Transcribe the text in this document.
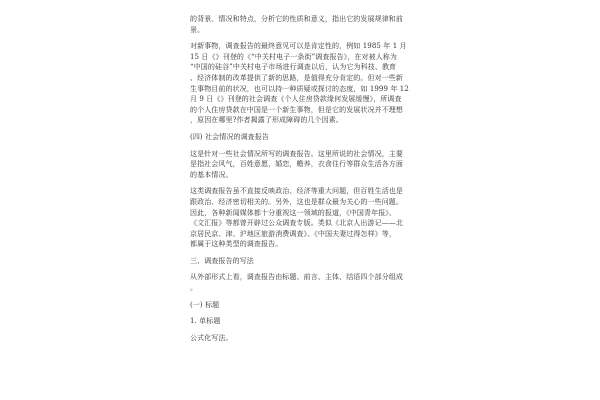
的背景、情况和特点，分析它的性质和意义，指出它的发展规律和前
景。
对新事物，调查报告的最终意见可以是肯定性的，例如 1985 年 1 月
15 日《》刊登的《“中关村电子一条街”调查报告》，在对被人称为
“中国的硅谷”中关村电子市场进行调查以后，认为它为科技、教育
、经济体制的改革提供了新的思路，是值得充分肯定的。但对一些新
生事物目前的状况，也可以持一种质疑或探讨的态度，如 1999 年 12
月 9 日《》刊登的社会调查《个人住房贷款缘何发展缓慢》，所调查
的个人住房贷款在中国是一个新生事物，但是它的发展状况并不理想
，原因在哪里?作者揭露了形成障碍的几个因素。
(四) 社会情况的调查报告
这是针对一些社会情况所写的调查报告。这里所说的社会情况，主要
是指社会风气，百姓意愿，婚恋，赡养，衣食住行等群众生活各方面
的基本情况。
这类调查报告虽不直接反映政治、经济等重大问题，但百姓生活也是
跟政治、经济密切相关的。另外，这也是群众最为关心的一些问题。
因此，各种新闻媒体都十分重视这一领域的报道，《中国青年报》、
《文汇报》等都曾开辟过公众调查专版。类似《北京人出游记——北
京居民京、津、沪地区旅游消费调查》、《中国夫妻过得怎样》等，
都属于这种类型的调查报告。
三、调查报告的写法
从外部形式上看，调查报告由标题、前言、主体、结语四个部分组成
。
(一) 标题
1. 单标题
公式化写法。
